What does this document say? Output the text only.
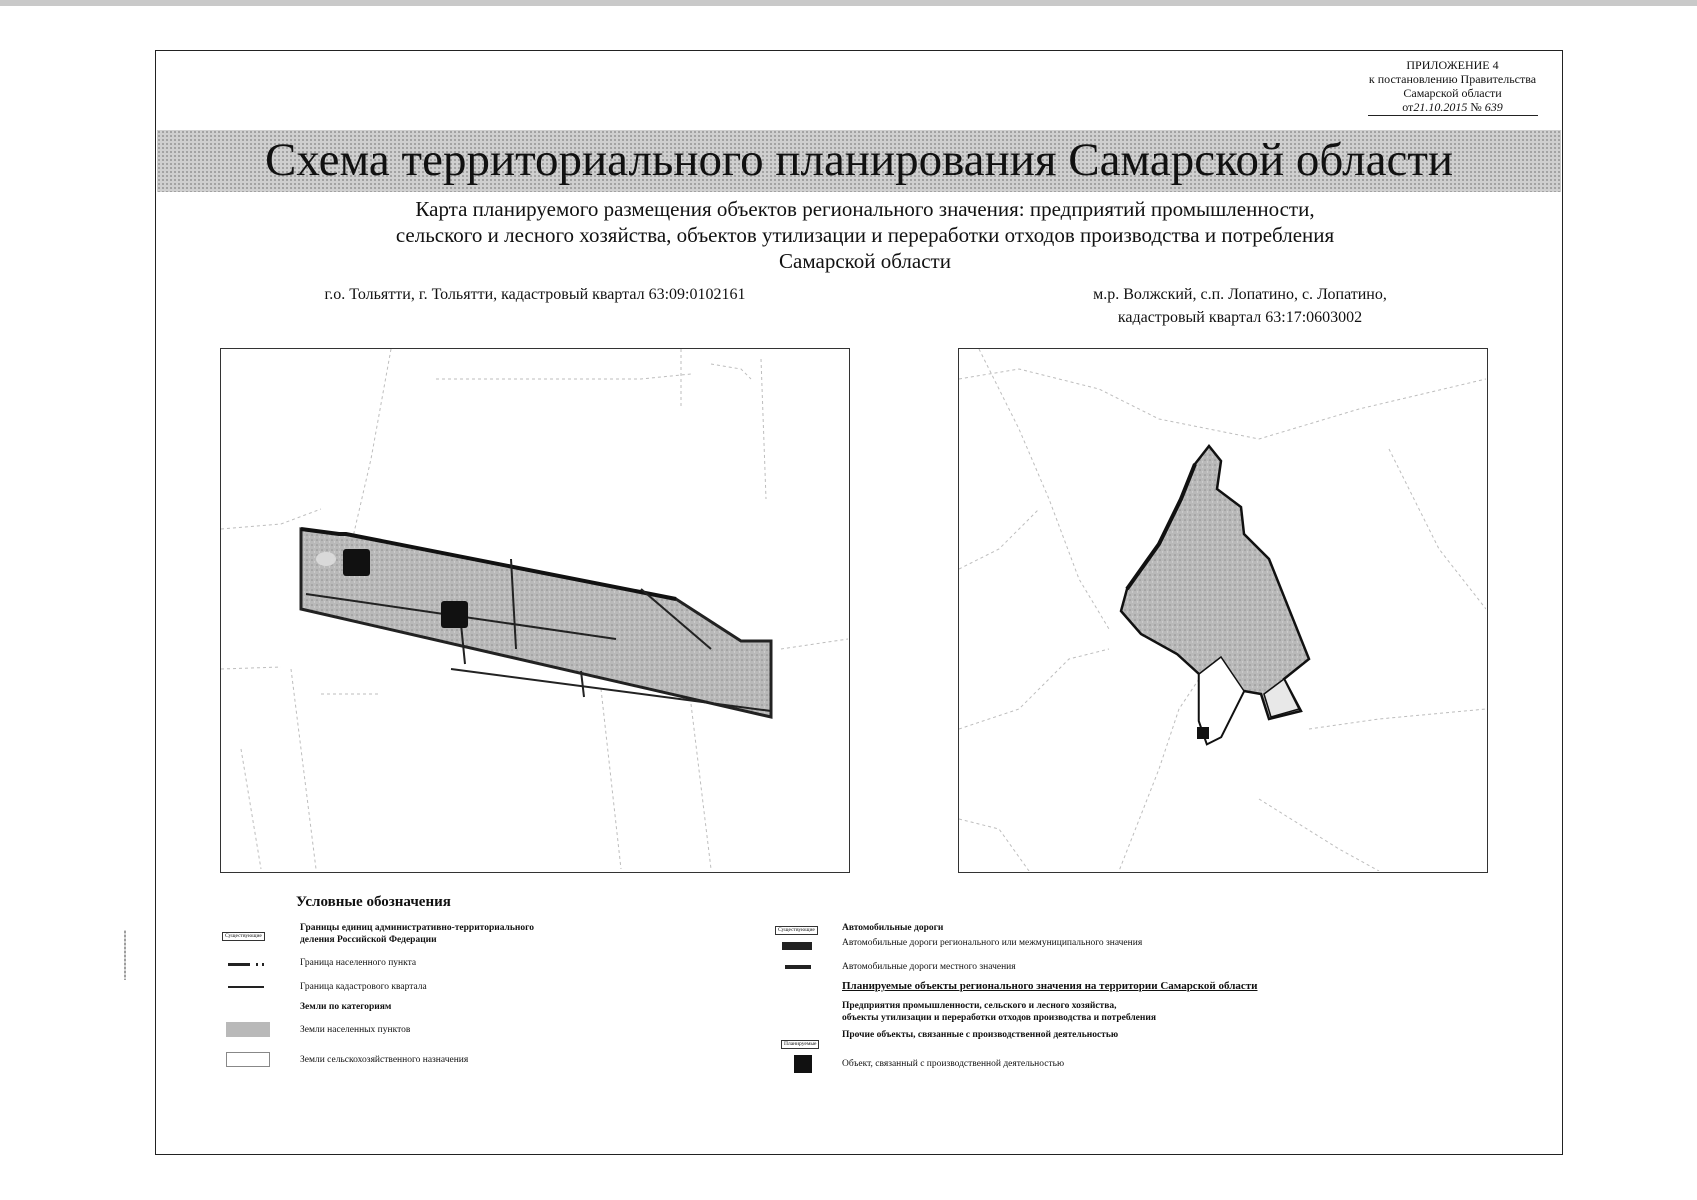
ПРИЛОЖЕНИЕ 4
к постановлению Правительства
Самарской области
от21.10.2015 № 639
Схема территориального планирования Самарской области
Карта планируемого размещения объектов регионального значения: предприятий промышленности,
сельского и лесного хозяйства, объектов утилизации и переработки отходов производства и потребления
Самарской области
г.о. Тольятти, г. Тольятти, кадастровый квартал 63:09:0102161	м.р. Волжский, с.п. Лопатино, с. Лопатино,
кадастровый квартал 63:17:0603002
Условные обозначения
Существующие
Границы единиц административно-территориального
деления Российской Федерации
Граница населенного пункта
Граница кадастрового квартала
Земли по категориям
Земли населенных пунктов
Земли сельскохозяйственного назначения
Существующие	Автомобильные дороги
Автомобильные дороги регионального или межмуниципального значения
Автомобильные дороги местного значения
Планируемые объекты регионального значения на территории Самарской области
Предприятия промышленности, сельского и лесного хозяйства,
объекты утилизации и переработки отходов производства и потребления
Прочие объекты, связанные с производственной деятельностью
Планируемые
Объект, связанный с производственной деятельностью
